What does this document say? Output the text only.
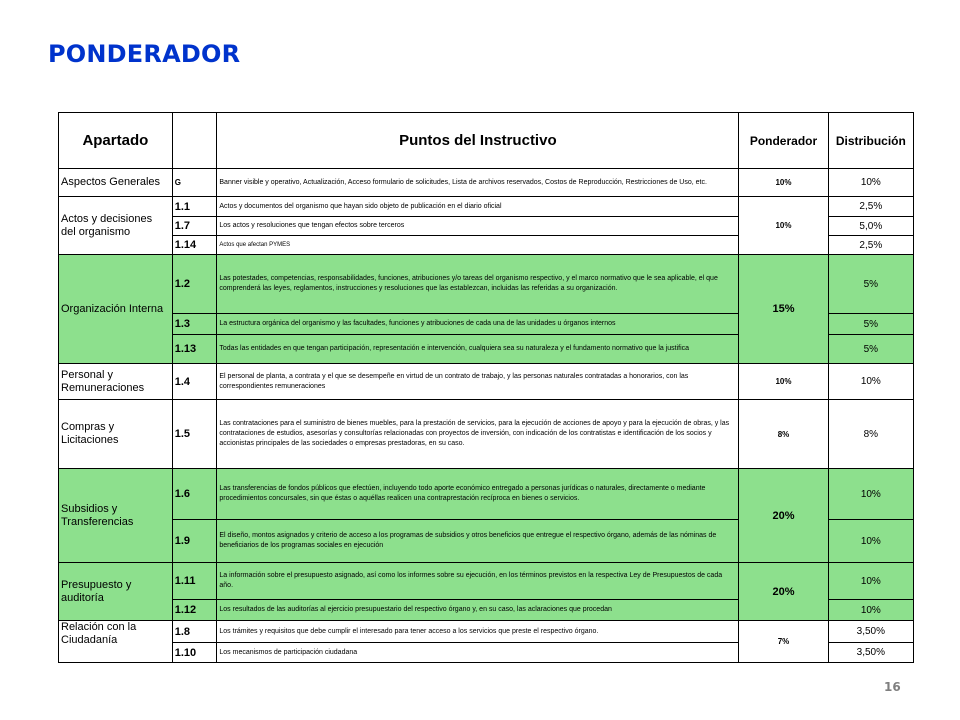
PONDERADOR
Apartado		Puntos del Instructivo	Ponderador	Distribución
Aspectos Generales	G	Banner visible y operativo, Actualización, Acceso formulario de solicitudes, Lista de archivos reservados, Costos de Reproducción, Restricciones de Uso, etc.	10%	10%
Actos y decisiones del organismo	1.1	Actos y documentos del organismo que hayan sido objeto de publicación en el diario oficial	10%	2,5%
	1.7	Los actos y resoluciones que tengan efectos sobre terceros		5,0%
	1.14	Actos que afectan PYMES		2,5%
Organización Interna	1.2	Las potestades, competencias, responsabilidades, funciones, atribuciones y/o tareas del organismo respectivo, y el marco normativo que le sea aplicable, el que comprenderá las leyes, reglamentos, instrucciones y resoluciones que las establezcan, incluidas las referidas a su organización.	15%	5%
	1.3	La estructura orgánica del organismo y las facultades, funciones y atribuciones de cada una de las unidades u órganos internos		5%
	1.13	Todas las entidades en que tengan participación, representación e intervención, cualquiera sea su naturaleza y el fundamento normativo que la justifica		5%
Personal y Remuneraciones	1.4	El personal de planta, a contrata y el que se desempeñe en virtud de un contrato de trabajo, y las personas naturales contratadas a honorarios, con las correspondientes remuneraciones	10%	10%
Compras y Licitaciones	1.5	Las contrataciones para el suministro de bienes muebles, para la prestación de servicios, para la ejecución de acciones de apoyo y para la ejecución de obras, y las contrataciones de estudios, asesorías y consultorías relacionadas con proyectos de inversión, con indicación de los contratistas e identificación de los socios y accionistas principales de las sociedades o empresas prestadoras, en su caso.	8%	8%
Subsidios y Transferencias	1.6	Las transferencias de fondos públicos que efectúen, incluyendo todo aporte económico entregado a personas jurídicas o naturales, directamente o mediante procedimientos concursales, sin que éstas o aquéllas realicen una contraprestación recíproca en bienes o servicios.	20%	10%
	1.9	El diseño, montos asignados y criterio de acceso a los programas de subsidios y otros beneficios que entregue el respectivo órgano, además de las nóminas de beneficiarios de los programas sociales en ejecución		10%
Presupuesto y auditoría	1.11	La información sobre el presupuesto asignado, así como los informes sobre su ejecución, en los términos previstos en la respectiva Ley de Presupuestos de cada año.	20%	10%
	1.12	Los resultados de las auditorías al ejercicio presupuestario del respectivo órgano y, en su caso, las aclaraciones que procedan		10%
Relación con la Ciudadanía	1.8	Los trámites y requisitos que debe cumplir el interesado para tener acceso a los servicios que preste el respectivo órgano.	7%	3,50%
	1.10	Los mecanismos de participación ciudadana		3,50%
16
